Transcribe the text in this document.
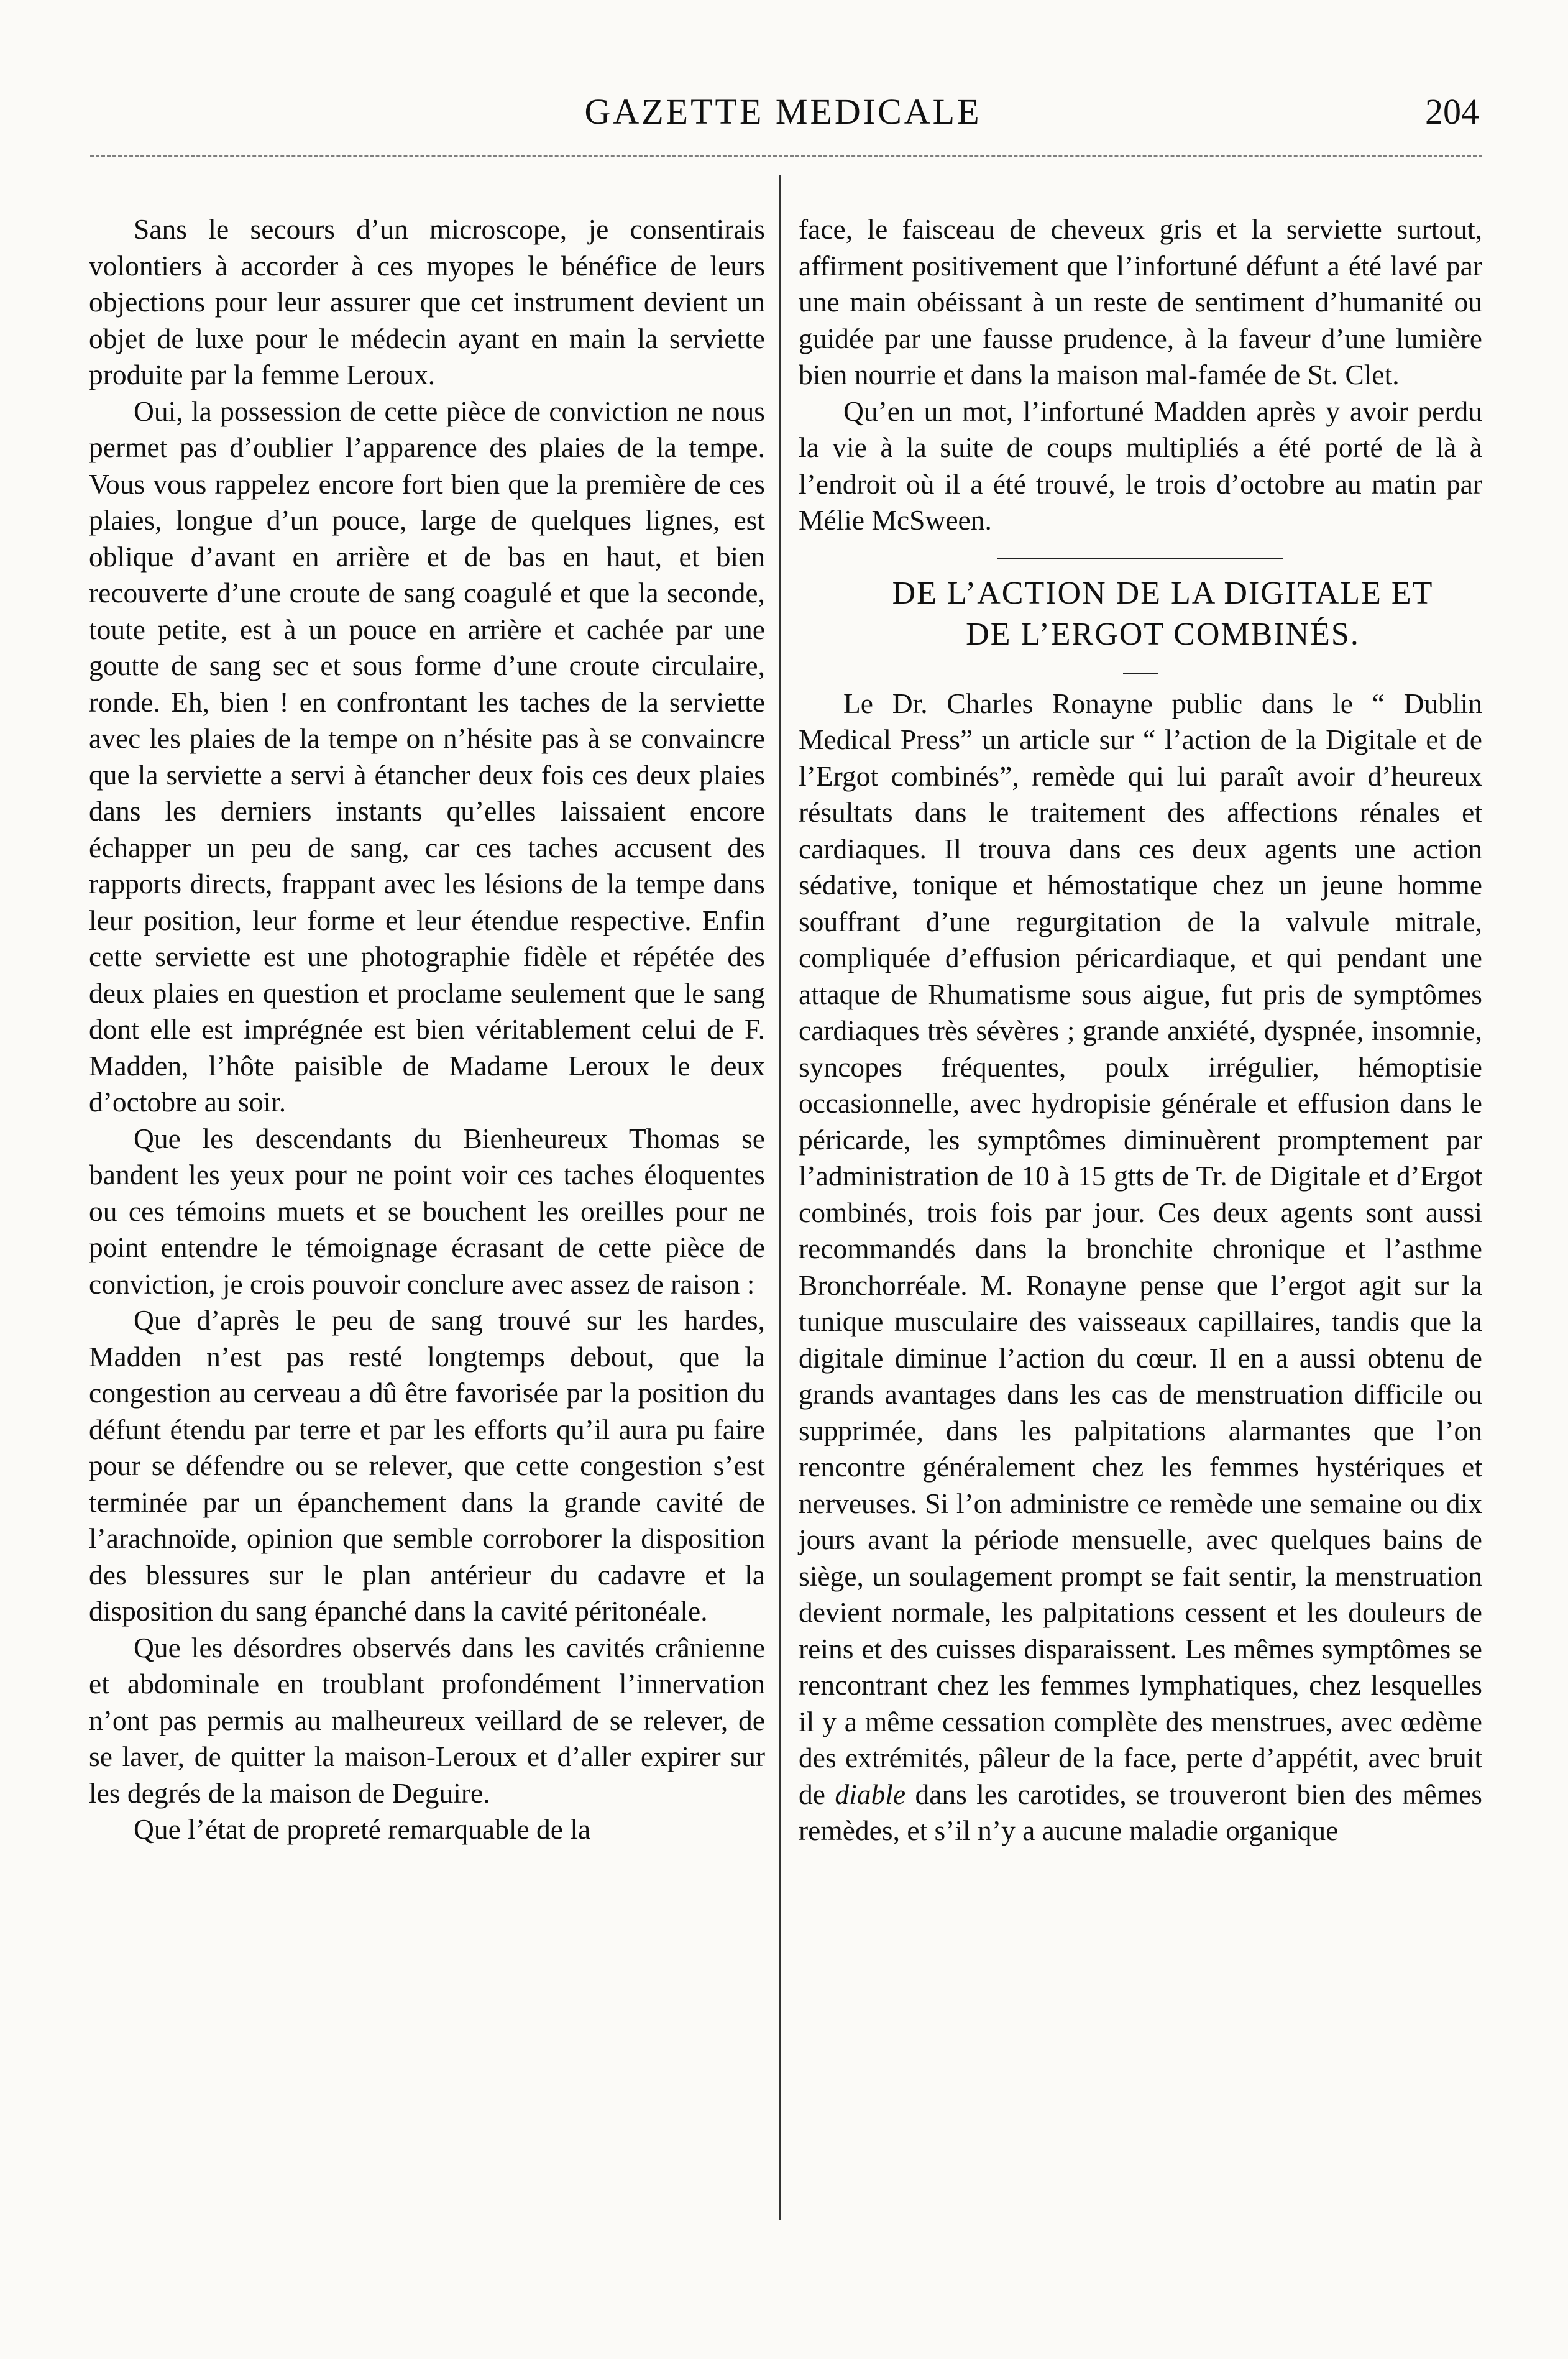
GAZETTE MEDICALE	204

Sans le secours d’un microscope, je consentirais volontiers à accorder à ces myopes le bénéfice de leurs objections pour leur assurer que cet instrument devient un objet de luxe pour le médecin ayant en main la serviette produite par la femme Leroux.

Oui, la possession de cette pièce de conviction ne nous permet pas d’oublier l’apparence des plaies de la tempe. Vous vous rappelez encore fort bien que la première de ces plaies, longue d’un pouce, large de quelques lignes, est oblique d’avant en arrière et de bas en haut, et bien recouverte d’une croute de sang coagulé et que la seconde, toute petite, est à un pouce en arrière et cachée par une goutte de sang sec et sous forme d’une croute circulaire, ronde. Eh, bien ! en confrontant les taches de la serviette avec les plaies de la tempe on n’hésite pas à se convaincre que la serviette a servi à étancher deux fois ces deux plaies dans les derniers instants qu’elles laissaient encore échapper un peu de sang, car ces taches accusent des rapports directs, frappant avec les lésions de la tempe dans leur position, leur forme et leur étendue respective. Enfin cette serviette est une photographie fidèle et répétée des deux plaies en question et proclame seulement que le sang dont elle est imprégnée est bien véritablement celui de F. Madden, l’hôte paisible de Madame Leroux le deux d’octobre au soir.

Que les descendants du Bienheureux Thomas se bandent les yeux pour ne point voir ces taches éloquentes ou ces témoins muets et se bouchent les oreilles pour ne point entendre le témoignage écrasant de cette pièce de conviction, je crois pouvoir conclure avec assez de raison :

Que d’après le peu de sang trouvé sur les hardes, Madden n’est pas resté longtemps debout, que la congestion au cerveau a dû être favorisée par la position du défunt étendu par terre et par les efforts qu’il aura pu faire pour se défendre ou se relever, que cette congestion s’est terminée par un épanchement dans la grande cavité de l’arachnoïde, opinion que semble corroborer la disposition des blessures sur le plan antérieur du cadavre et la disposition du sang épanché dans la cavité péritonéale.

Que les désordres observés dans les cavités crânienne et abdominale en troublant profondément l’innervation n’ont pas permis au malheureux veillard de se relever, de se laver, de quitter la maison-Leroux et d’aller expirer sur les degrés de la maison de Deguire.

Que l’état de propreté remarquable de la

face, le faisceau de cheveux gris et la serviette surtout, affirment positivement que l’infortuné défunt a été lavé par une main obéissant à un reste de sentiment d’humanité ou guidée par une fausse prudence, à la faveur d’une lumière bien nourrie et dans la maison mal-famée de St. Clet.

Qu’en un mot, l’infortuné Madden après y avoir perdu la vie à la suite de coups multipliés a été porté de là à l’endroit où il a été trouvé, le trois d’octobre au matin par Mélie McSween.

DE L’ACTION DE LA DIGITALE ET

DE L’ERGOT COMBINÉS.

Le Dr. Charles Ronayne public dans le “ Dublin Medical Press” un article sur “ l’action de la Digitale et de l’Ergot combinés”, remède qui lui paraît avoir d’heureux résultats dans le traitement des affections rénales et cardiaques. Il trouva dans ces deux agents une action sédative, tonique et hémostatique chez un jeune homme souffrant d’une regurgitation de la valvule mitrale, compliquée d’effusion péricardiaque, et qui pendant une attaque de Rhumatisme sous aigue, fut pris de symptômes cardiaques très sévères ; grande anxiété, dyspnée, insomnie, syncopes fréquentes, poulx irrégulier, hémoptisie occasionnelle, avec hydropisie générale et effusion dans le péricarde, les symptômes diminuèrent promptement par l’administration de 10 à 15 gtts de Tr. de Digitale et d’Ergot combinés, trois fois par jour. Ces deux agents sont aussi recommandés dans la bronchite chronique et l’asthme Bronchorréale. M. Ronayne pense que l’ergot agit sur la tunique musculaire des vaisseaux capillaires, tandis que la digitale diminue l’action du cœur. Il en a aussi obtenu de grands avantages dans les cas de menstruation difficile ou supprimée, dans les palpitations alarmantes que l’on rencontre généralement chez les femmes hystériques et nerveuses. Si l’on administre ce remède une semaine ou dix jours avant la période mensuelle, avec quelques bains de siège, un soulagement prompt se fait sentir, la menstruation devient normale, les palpitations cessent et les douleurs de reins et des cuisses disparaissent. Les mêmes symptômes se rencontrant chez les femmes lymphatiques, chez lesquelles il y a même cessation complète des menstrues, avec œdème des extrémités, pâleur de la face, perte d’appétit, avec bruit de diable dans les carotides, se trouveront bien des mêmes remèdes, et s’il n’y a aucune maladie organique
